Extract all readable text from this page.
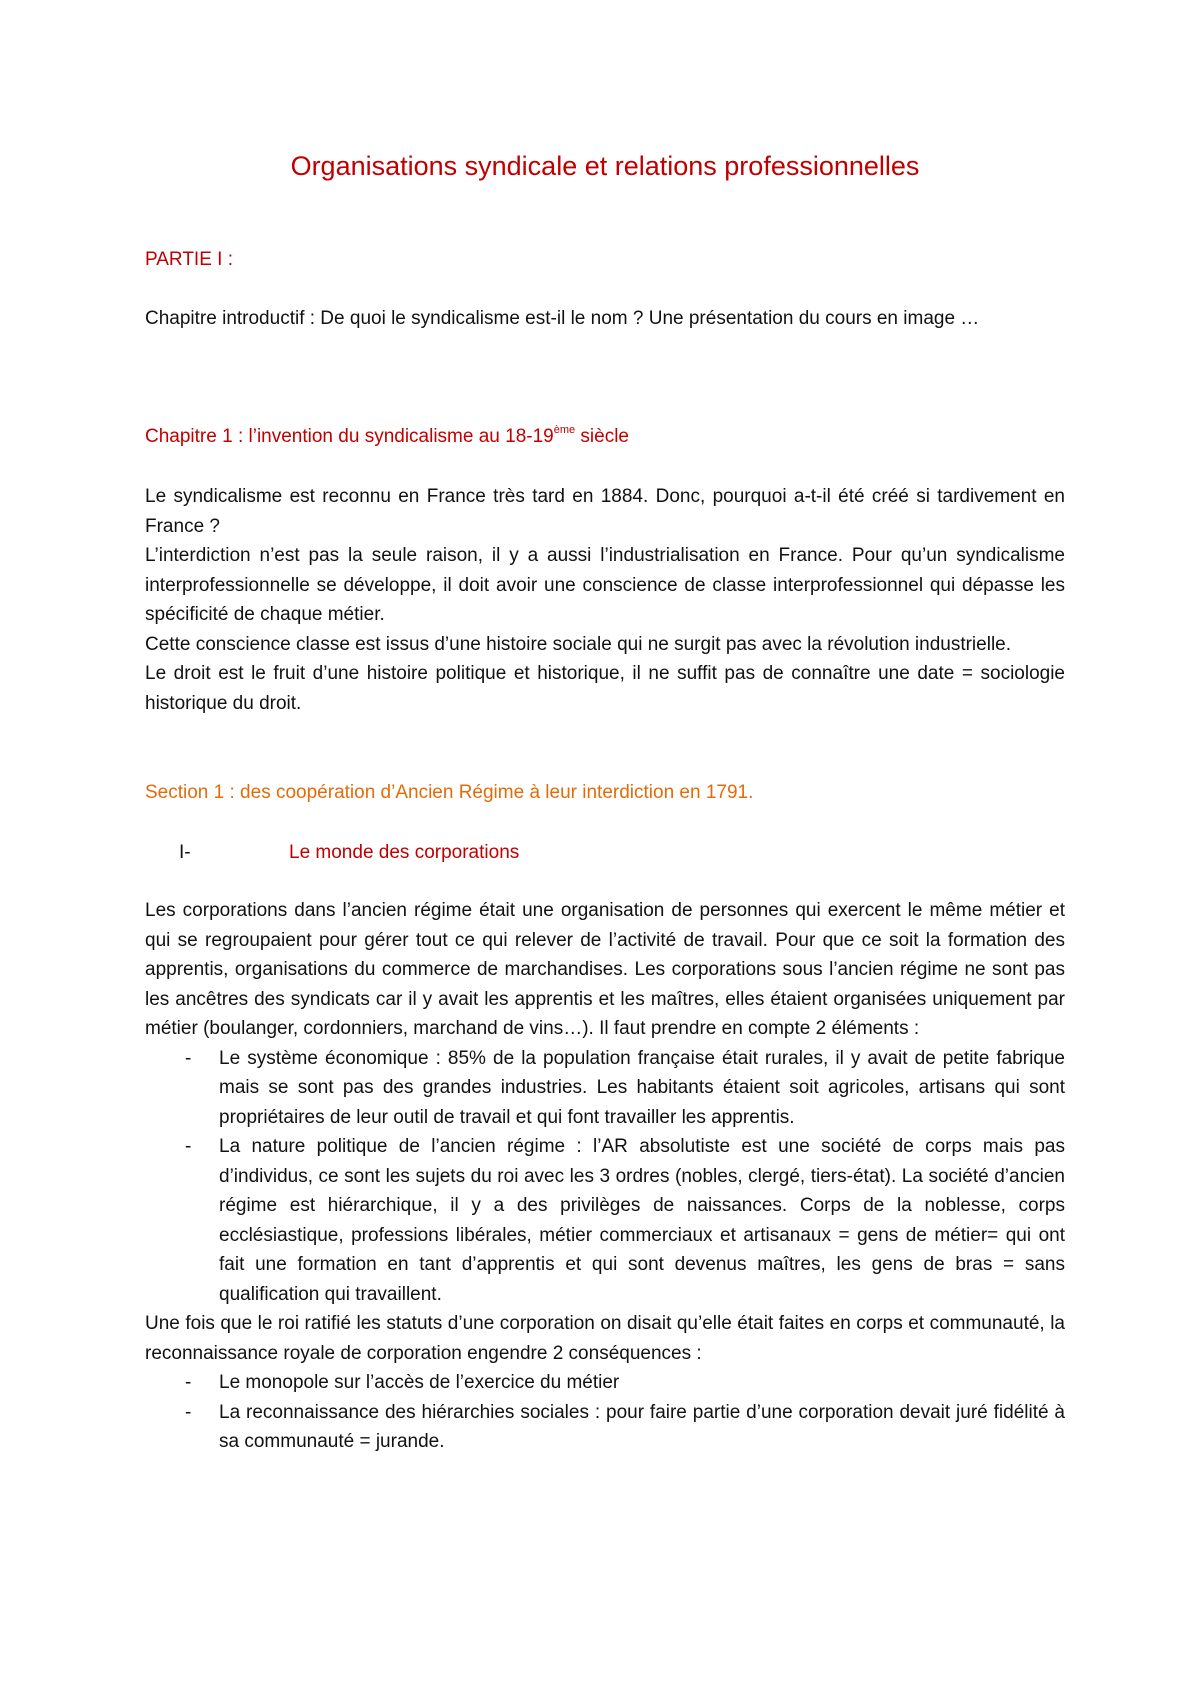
Organisations syndicale et relations professionnelles
PARTIE I :

Chapitre introductif : De quoi le syndicalisme est-il le nom ? Une présentation du cours en image …

Chapitre 1 : l’invention du syndicalisme au 18-19ème siècle

Le syndicalisme est reconnu en France très tard en 1884. Donc, pourquoi a-t-il été créé si tardivement en France ?

L’interdiction n’est pas la seule raison, il y a aussi l’industrialisation en France. Pour qu’un syndicalisme interprofessionnelle se développe, il doit avoir une conscience de classe interprofessionnel qui dépasse les spécificité de chaque métier.

Cette conscience classe est issus d’une histoire sociale qui ne surgit pas avec la révolution industrielle.

Le droit est le fruit d’une histoire politique et historique, il ne suffit pas de connaître une date = sociologie historique du droit.

Section 1 : des coopération d’Ancien Régime à leur interdiction en 1791.
I-	Le monde des corporations

Les corporations dans l’ancien régime était une organisation de personnes qui exercent le même métier et qui se regroupaient pour gérer tout ce qui relever de l’activité de travail. Pour que ce soit la formation des apprentis, organisations du commerce de marchandises. Les corporations sous l’ancien régime ne sont pas les ancêtres des syndicats car il y avait les apprentis et les maîtres, elles étaient organisées uniquement par métier (boulanger, cordonniers, marchand de vins…). Il faut prendre en compte 2 éléments :

- Le système économique : 85% de la population française était rurales, il y avait de petite fabrique mais se sont pas des grandes industries. Les habitants étaient soit agricoles, artisans qui sont propriétaires de leur outil de travail et qui font travailler les apprentis.
- La nature politique de l’ancien régime : l’AR absolutiste est une société de corps mais pas d’individus, ce sont les sujets du roi avec les 3 ordres (nobles, clergé, tiers-état). La société d’ancien régime est hiérarchique, il y a des privilèges de naissances. Corps de la noblesse, corps ecclésiastique, professions libérales, métier commerciaux et artisanaux = gens de métier= qui ont fait une formation en tant d’apprentis et qui sont devenus maîtres, les gens de bras = sans qualification qui travaillent.

Une fois que le roi ratifié les statuts d’une corporation on disait qu’elle était faites en corps et communauté, la reconnaissance royale de corporation engendre 2 conséquences :

- Le monopole sur l’accès de l’exercice du métier
- La reconnaissance des hiérarchies sociales : pour faire partie d’une corporation devait juré fidélité à sa communauté = jurande.
